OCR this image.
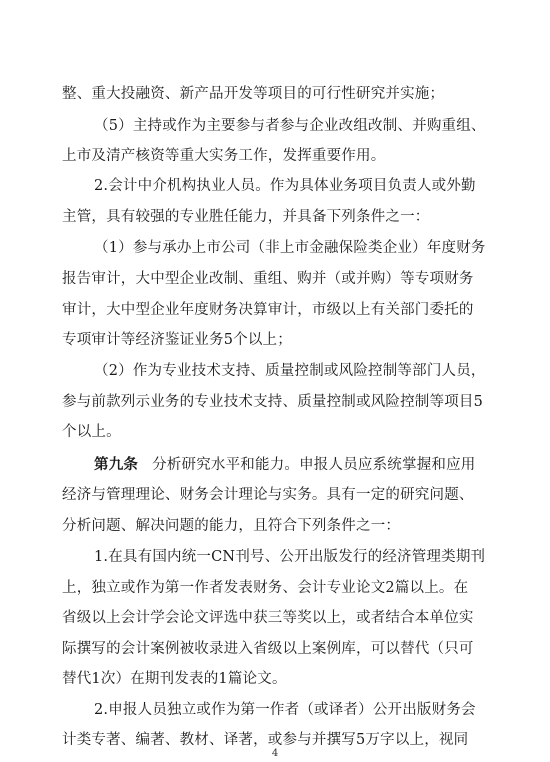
整、重大投融资、新产品开发等项目的可行性研究并实施；
（5）主持或作为主要参与者参与企业改组改制、并购重组、
上市及清产核资等重大实务工作，发挥重要作用。
2.会计中介机构执业人员。作为具体业务项目负责人或外勤
主管，具有较强的专业胜任能力，并具备下列条件之一：
（1）参与承办上市公司（非上市金融保险类企业）年度财务
报告审计，大中型企业改制、重组、购并（或并购）等专项财务
审计，大中型企业年度财务决算审计，市级以上有关部门委托的
专项审计等经济鉴证业务5个以上；
（2）作为专业技术支持、质量控制或风险控制等部门人员，
参与前款列示业务的专业技术支持、质量控制或风险控制等项目5
个以上。
第九条 分析研究水平和能力。申报人员应系统掌握和应用
经济与管理理论、财务会计理论与实务。具有一定的研究问题、
分析问题、解决问题的能力，且符合下列条件之一：
1.在具有国内统一CN刊号、公开出版发行的经济管理类期刊
上，独立或作为第一作者发表财务、会计专业论文2篇以上。在
省级以上会计学会论文评选中获三等奖以上，或者结合本单位实
际撰写的会计案例被收录进入省级以上案例库，可以替代（只可
替代1次）在期刊发表的1篇论文。
2.申报人员独立或作为第一作者（或译者）公开出版财务会
计类专著、编著、教材、译著，或参与并撰写5万字以上，视同
4
